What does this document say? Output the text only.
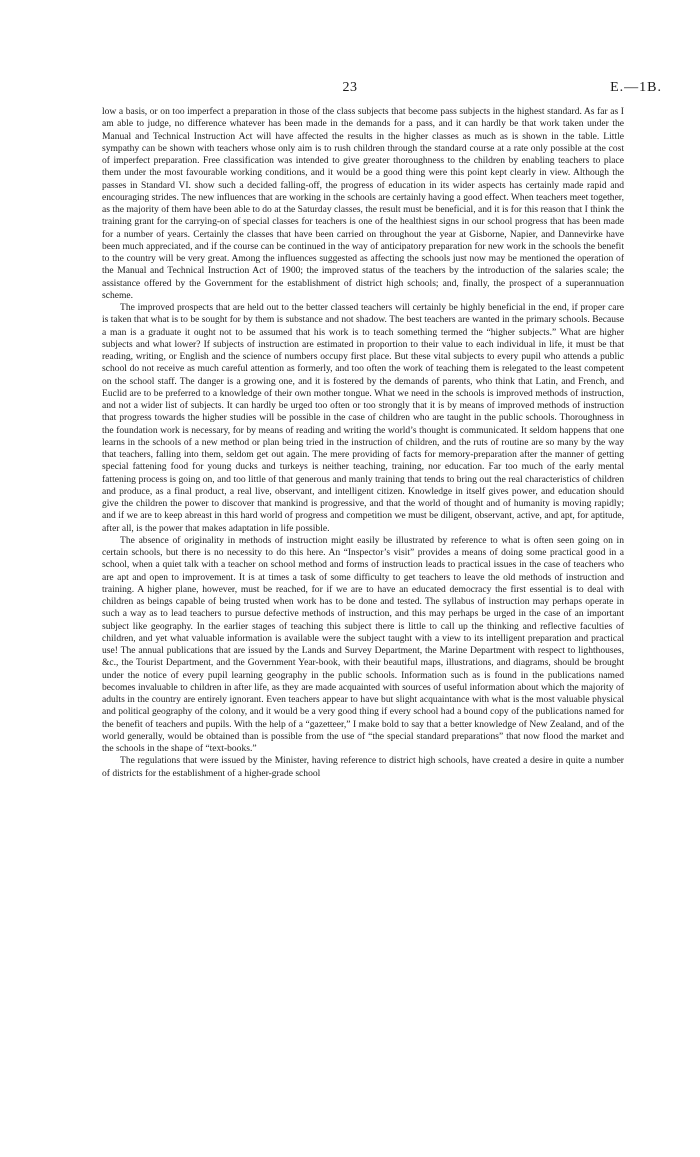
23	E.—1B.

low a basis, or on too imperfect a preparation in those of the class subjects that become pass subjects in the highest standard. As far as I am able to judge, no difference whatever has been made in the demands for a pass, and it can hardly be that work taken under the Manual and Technical Instruction Act will have affected the results in the higher classes as much as is shown in the table. Little sympathy can be shown with teachers whose only aim is to rush children through the standard course at a rate only possible at the cost of imperfect preparation. Free classification was intended to give greater thoroughness to the children by enabling teachers to place them under the most favourable working conditions, and it would be a good thing were this point kept clearly in view. Although the passes in Standard VI. show such a decided falling-off, the progress of education in its wider aspects has certainly made rapid and encouraging strides. The new influences that are working in the schools are certainly having a good effect. When teachers meet together, as the majority of them have been able to do at the Saturday classes, the result must be beneficial, and it is for this reason that I think the training grant for the carrying-on of special classes for teachers is one of the healthiest signs in our school progress that has been made for a number of years. Certainly the classes that have been carried on throughout the year at Gisborne, Napier, and Dannevirke have been much appreciated, and if the course can be continued in the way of anticipatory preparation for new work in the schools the benefit to the country will be very great. Among the influences suggested as affecting the schools just now may be mentioned the operation of the Manual and Technical Instruction Act of 1900; the improved status of the teachers by the introduction of the salaries scale; the assistance offered by the Government for the establishment of district high schools; and, finally, the prospect of a superannuation scheme.

The improved prospects that are held out to the better classed teachers will certainly be highly beneficial in the end, if proper care is taken that what is to be sought for by them is substance and not shadow. The best teachers are wanted in the primary schools. Because a man is a graduate it ought not to be assumed that his work is to teach something termed the “higher subjects.” What are higher subjects and what lower? If subjects of instruction are estimated in proportion to their value to each individual in life, it must be that reading, writing, or English and the science of numbers occupy first place. But these vital subjects to every pupil who attends a public school do not receive as much careful attention as formerly, and too often the work of teaching them is relegated to the least competent on the school staff. The danger is a growing one, and it is fostered by the demands of parents, who think that Latin, and French, and Euclid are to be preferred to a knowledge of their own mother tongue. What we need in the schools is improved methods of instruction, and not a wider list of subjects. It can hardly be urged too often or too strongly that it is by means of improved methods of instruction that progress towards the higher studies will be possible in the case of children who are taught in the public schools. Thoroughness in the foundation work is necessary, for by means of reading and writing the world’s thought is communicated. It seldom happens that one learns in the schools of a new method or plan being tried in the instruction of children, and the ruts of routine are so many by the way that teachers, falling into them, seldom get out again. The mere providing of facts for memory-preparation after the manner of getting special fattening food for young ducks and turkeys is neither teaching, training, nor education. Far too much of the early mental fattening process is going on, and too little of that generous and manly training that tends to bring out the real characteristics of children and produce, as a final product, a real live, observant, and intelligent citizen. Knowledge in itself gives power, and education should give the children the power to discover that mankind is progressive, and that the world of thought and of humanity is moving rapidly; and if we are to keep abreast in this hard world of progress and competition we must be diligent, observant, active, and apt, for aptitude, after all, is the power that makes adaptation in life possible.

The absence of originality in methods of instruction might easily be illustrated by reference to what is often seen going on in certain schools, but there is no necessity to do this here. An “Inspector’s visit” provides a means of doing some practical good in a school, when a quiet talk with a teacher on school method and forms of instruction leads to practical issues in the case of teachers who are apt and open to improvement. It is at times a task of some difficulty to get teachers to leave the old methods of instruction and training. A higher plane, however, must be reached, for if we are to have an educated democracy the first essential is to deal with children as beings capable of being trusted when work has to be done and tested. The syllabus of instruction may perhaps operate in such a way as to lead teachers to pursue defective methods of instruction, and this may perhaps be urged in the case of an important subject like geography. In the earlier stages of teaching this subject there is little to call up the thinking and reflective faculties of children, and yet what valuable information is available were the subject taught with a view to its intelligent preparation and practical use! The annual publications that are issued by the Lands and Survey Department, the Marine Department with respect to lighthouses, &c., the Tourist Department, and the Government Year-book, with their beautiful maps, illustrations, and diagrams, should be brought under the notice of every pupil learning geography in the public schools. Information such as is found in the publications named becomes invaluable to children in after life, as they are made acquainted with sources of useful information about which the majority of adults in the country are entirely ignorant. Even teachers appear to have but slight acquaintance with what is the most valuable physical and political geography of the colony, and it would be a very good thing if every school had a bound copy of the publications named for the benefit of teachers and pupils. With the help of a “gazetteer,” I make bold to say that a better knowledge of New Zealand, and of the world generally, would be obtained than is possible from the use of “the special standard preparations” that now flood the market and the schools in the shape of “text-books.”

The regulations that were issued by the Minister, having reference to district high schools, have created a desire in quite a number of districts for the establishment of a higher-grade school
